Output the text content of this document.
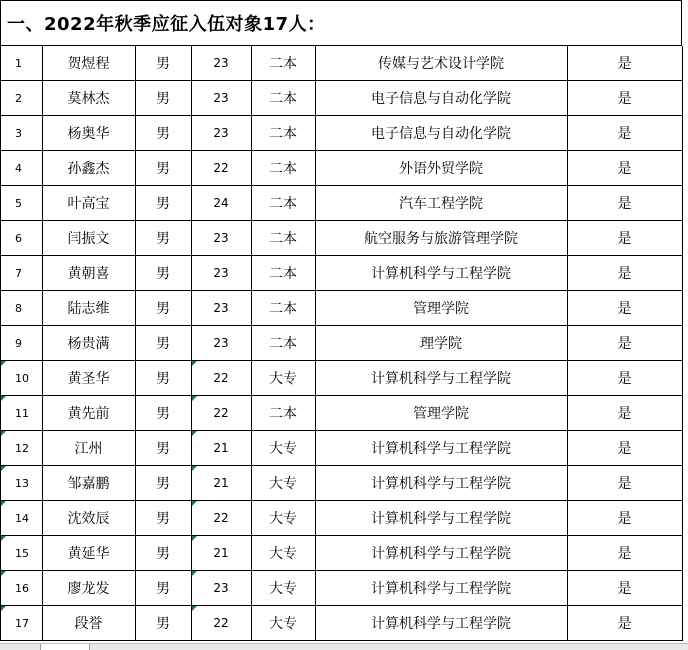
一、2022年秋季应征入伍对象17人：
1	贺煜程	男	23	二本	传媒与艺术设计学院	是
2	莫林杰	男	23	二本	电子信息与自动化学院	是
3	杨奥华	男	23	二本	电子信息与自动化学院	是
4	孙鑫杰	男	22	二本	外语外贸学院	是
5	叶高宝	男	24	二本	汽车工程学院	是
6	闫振文	男	23	二本	航空服务与旅游管理学院	是
7	黄朝喜	男	23	二本	计算机科学与工程学院	是
8	陆志维	男	23	二本	管理学院	是
9	杨贵满	男	23	二本	理学院	是
10	黄圣华	男	22	大专	计算机科学与工程学院	是
11	黄先前	男	22	二本	管理学院	是
12	江州	男	21	大专	计算机科学与工程学院	是
13	邹嘉鹏	男	21	大专	计算机科学与工程学院	是
14	沈效辰	男	22	大专	计算机科学与工程学院	是
15	黄延华	男	21	大专	计算机科学与工程学院	是
16	廖龙发	男	23	大专	计算机科学与工程学院	是
17	段誉	男	22	大专	计算机科学与工程学院	是
